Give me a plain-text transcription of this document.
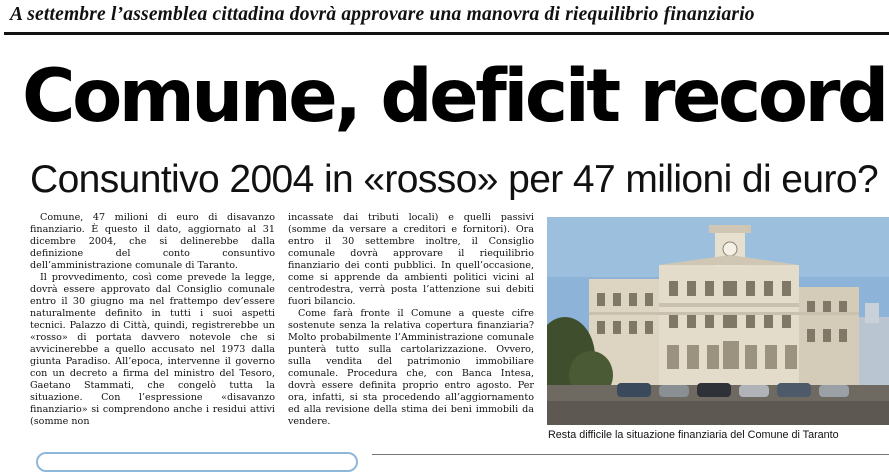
A settembre l’assemblea cittadina dovrà approvare una manovra di riequilibrio finanziario

Comune, deficit record
Consuntivo 2004 in «rosso» per 47 milioni di euro?

Comune, 47 milioni di euro di disavanzo finanziario. È questo il dato, aggiornato al 31 dicembre 2004, che si delinerebbe dalla definizione del conto consuntivo dell’amministrazione comunale di Taranto.

Il provvedimento, così come prevede la legge, dovrà essere approvato dal Consiglio comunale entro il 30 giugno ma nel frattempo dev’essere naturalmente definito in tutti i suoi aspetti tecnici. Palazzo di Città, quindi, registrerebbe un «rosso» di portata davvero notevole che si avvicinerebbe a quello accusato nel 1973 dalla giunta Paradiso. All’epoca, intervenne il governo con un decreto a firma del ministro del Tesoro, Gaetano Stammati, che congelò tutta la situazione. Con l’espressione «disavanzo finanziario» si comprendono anche i residui attivi (somme non

incassate dai tributi locali) e quelli passivi (somme da versare a creditori e fornitori). Ora entro il 30 settembre inoltre, il Consiglio comunale dovrà approvare il riequilibrio finanziario dei conti pubblici. In quell’occasione, come si apprende da ambienti politici vicini al centrodestra, verrà posta l’attenzione sui debiti fuori bilancio.

Come farà fronte il Comune a queste cifre sostenute senza la relativa copertura finanziaria? Molto probabilmente l’Amministrazione comunale punterà tutto sulla cartolarizzazione. Ovvero, sulla vendita del patrimonio immobiliare comunale. Procedura che, con Banca Intesa, dovrà essere definita proprio entro agosto. Per ora, infatti, si sta procedendo all’aggiornamento ed alla revisione della stima dei beni immobili da vendere.

Resta difficile la situazione finanziaria del Comune di Taranto
